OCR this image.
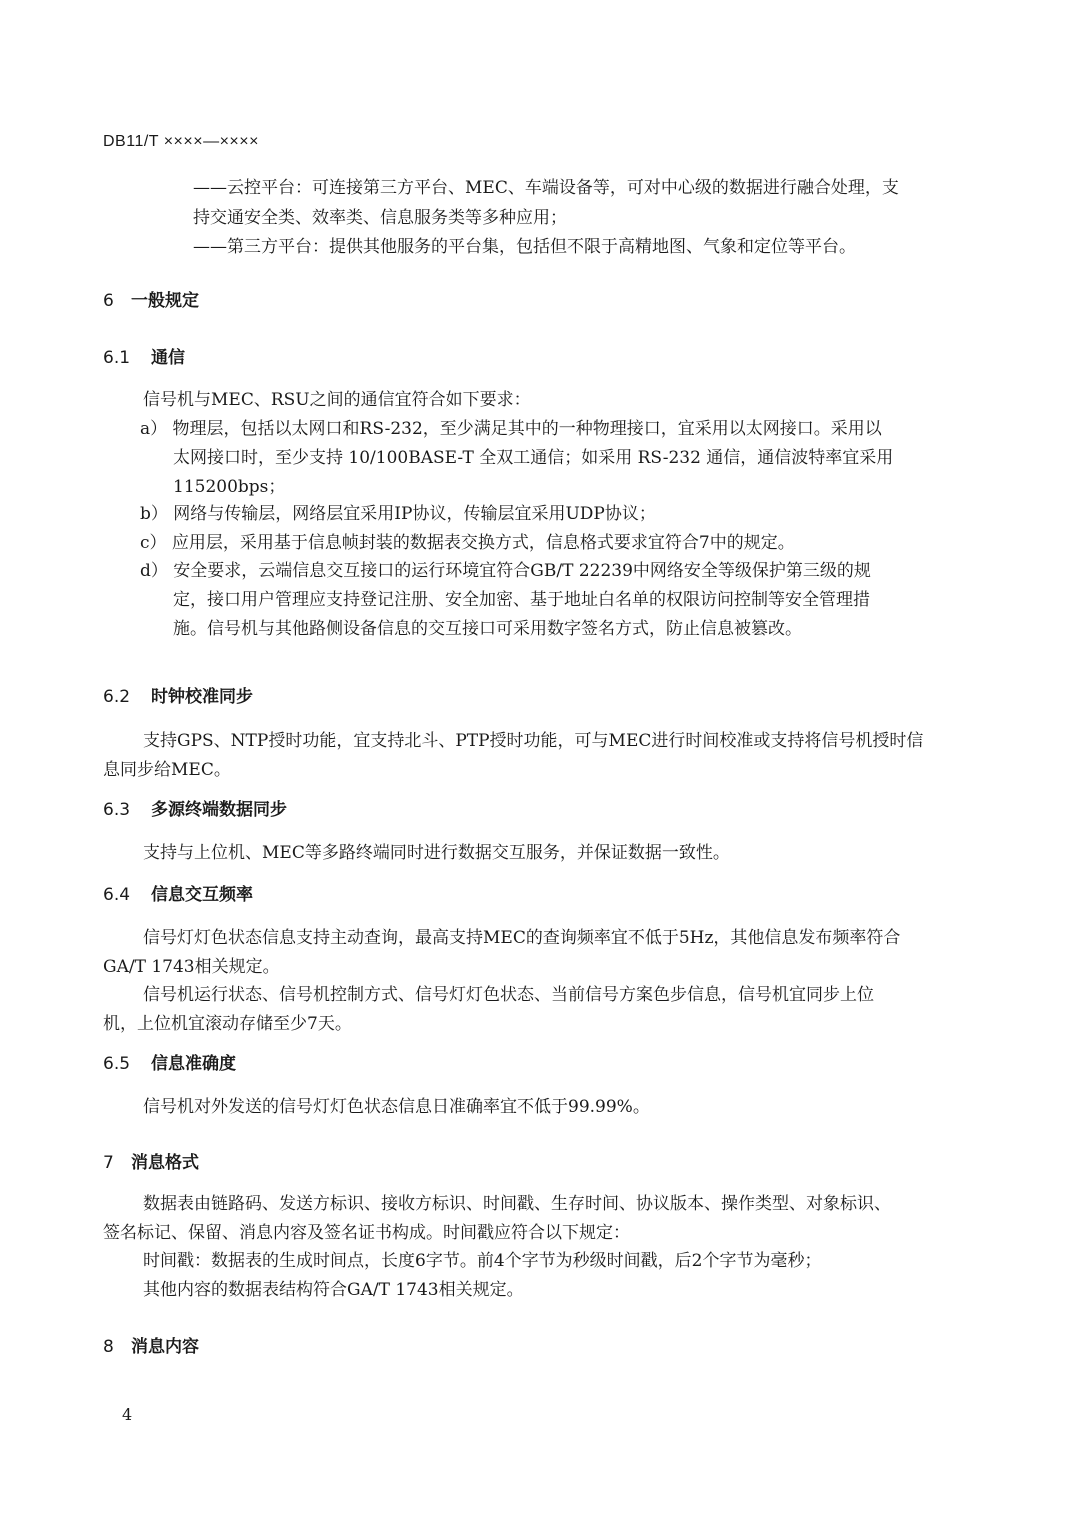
DB11/T ××××—××××
——云控平台：可连接第三方平台、MEC、车端设备等，可对中心级的数据进行融合处理，支
持交通安全类、效率类、信息服务类等多种应用；
——第三方平台：提供其他服务的平台集，包括但不限于高精地图、气象和定位等平台。
信号机与MEC、RSU之间的通信宜符合如下要求：
a） 物理层，包括以太网口和RS-232，至少满足其中的一种物理接口，宜采用以太网接口。采用以
太网接口时，至少支持 10/100BASE-T 全双工通信；如采用 RS-232 通信，通信波特率宜采用
115200bps；
b） 网络与传输层，网络层宜采用IP协议，传输层宜采用UDP协议；
c） 应用层，采用基于信息帧封装的数据表交换方式，信息格式要求宜符合7中的规定。
d） 安全要求，云端信息交互接口的运行环境宜符合GB/T 22239中网络安全等级保护第三级的规
定，接口用户管理应支持登记注册、安全加密、基于地址白名单的权限访问控制等安全管理措
施。信号机与其他路侧设备信息的交互接口可采用数字签名方式，防止信息被篡改。
支持GPS、NTP授时功能，宜支持北斗、PTP授时功能，可与MEC进行时间校准或支持将信号机授时信
息同步给MEC。
支持与上位机、MEC等多路终端同时进行数据交互服务，并保证数据一致性。
信号灯灯色状态信息支持主动查询，最高支持MEC的查询频率宜不低于5Hz，其他信息发布频率符合
GA/T 1743相关规定。
信号机运行状态、信号机控制方式、信号灯灯色状态、当前信号方案色步信息，信号机宜同步上位
机，上位机宜滚动存储至少7天。
信号机对外发送的信号灯灯色状态信息日准确率宜不低于99.99%。
数据表由链路码、发送方标识、接收方标识、时间戳、生存时间、协议版本、操作类型、对象标识、
签名标记、保留、消息内容及签名证书构成。时间戳应符合以下规定：
时间戳：数据表的生成时间点，长度6字节。前4个字节为秒级时间戳，后2个字节为毫秒；
其他内容的数据表结构符合GA/T 1743相关规定。
6 一般规定
6.1 通信
6.2 时钟校准同步
6.3 多源终端数据同步
6.4 信息交互频率
6.5 信息准确度
7 消息格式
8 消息内容
4
